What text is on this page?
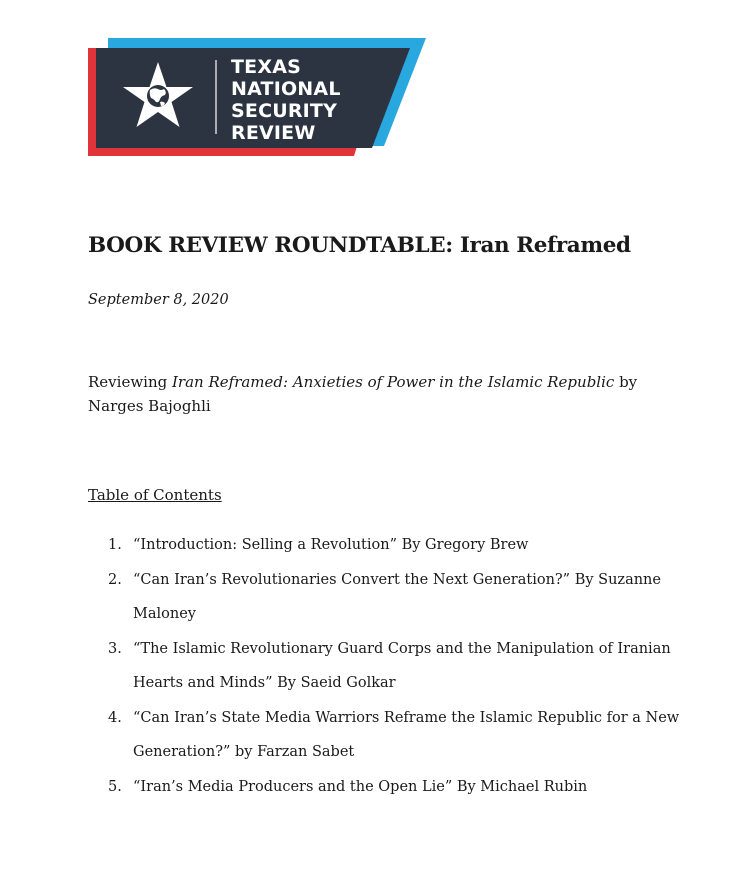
TEXAS
NATIONAL
SECURITY
REVIEW
BOOK REVIEW ROUNDTABLE: Iran Reframed
September 8, 2020
Reviewing Iran Reframed: Anxieties of Power in the Islamic Republic by Narges Bajoghli
Table of Contents
1. “Introduction: Selling a Revolution” By Gregory Brew
2. “Can Iran’s Revolutionaries Convert the Next Generation?” By Suzanne Maloney
3. “The Islamic Revolutionary Guard Corps and the Manipulation of Iranian Hearts and Minds” By Saeid Golkar
4. “Can Iran’s State Media Warriors Reframe the Islamic Republic for a New Generation?” by Farzan Sabet
5. “Iran’s Media Producers and the Open Lie” By Michael Rubin
